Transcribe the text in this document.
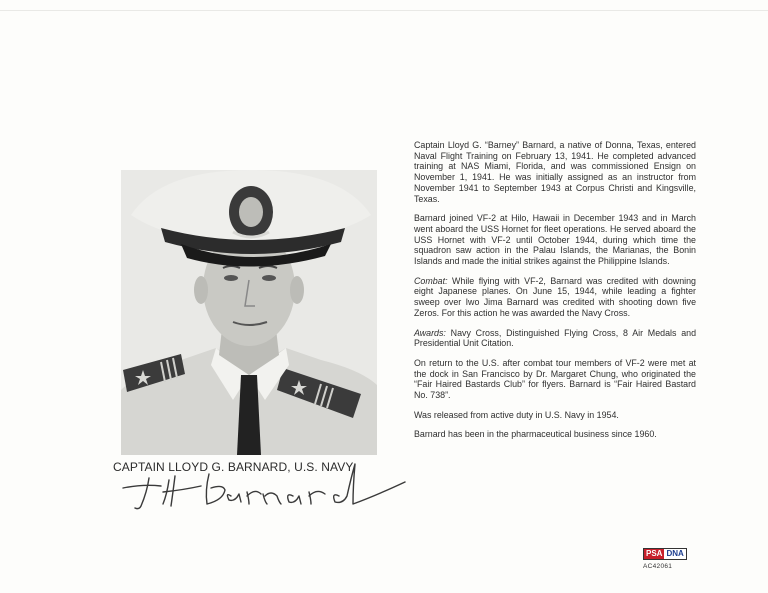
CAPTAIN LLOYD G. BARNARD, U.S. NAVY

Captain Lloyd G. “Barney” Barnard, a native of Donna, Texas, entered Naval Flight Training on February 13, 1941. He completed advanced training at NAS Miami, Florida, and was commissioned Ensign on November 1, 1941. He was initially assigned as an instructor from November 1941 to September 1943 at Corpus Christi and Kingsville, Texas.

Barnard joined VF-2 at Hilo, Hawaii in December 1943 and in March went aboard the USS Hornet for fleet operations. He served aboard the USS Hornet with VF-2 until October 1944, during which time the squadron saw action in the Palau Islands, the Marianas, the Bonin Islands and made the initial strikes against the Philippine Islands.

Combat: While flying with VF-2, Barnard was credited with downing eight Japanese planes. On June 15, 1944, while leading a fighter sweep over Iwo Jima Barnard was credited with shooting down five Zeros. For this action he was awarded the Navy Cross.

Awards: Navy Cross, Distinguished Flying Cross, 8 Air Medals and Presidential Unit Citation.

On return to the U.S. after combat tour members of VF-2 were met at the dock in San Francisco by Dr. Margaret Chung, who originated the “Fair Haired Bastards Club” for flyers. Barnard is “Fair Haired Bastard No. 738”.

Was released from active duty in U.S. Navy in 1954.

Barnard has been in the pharmaceutical business since 1960.

PSA DNA
AC42061
